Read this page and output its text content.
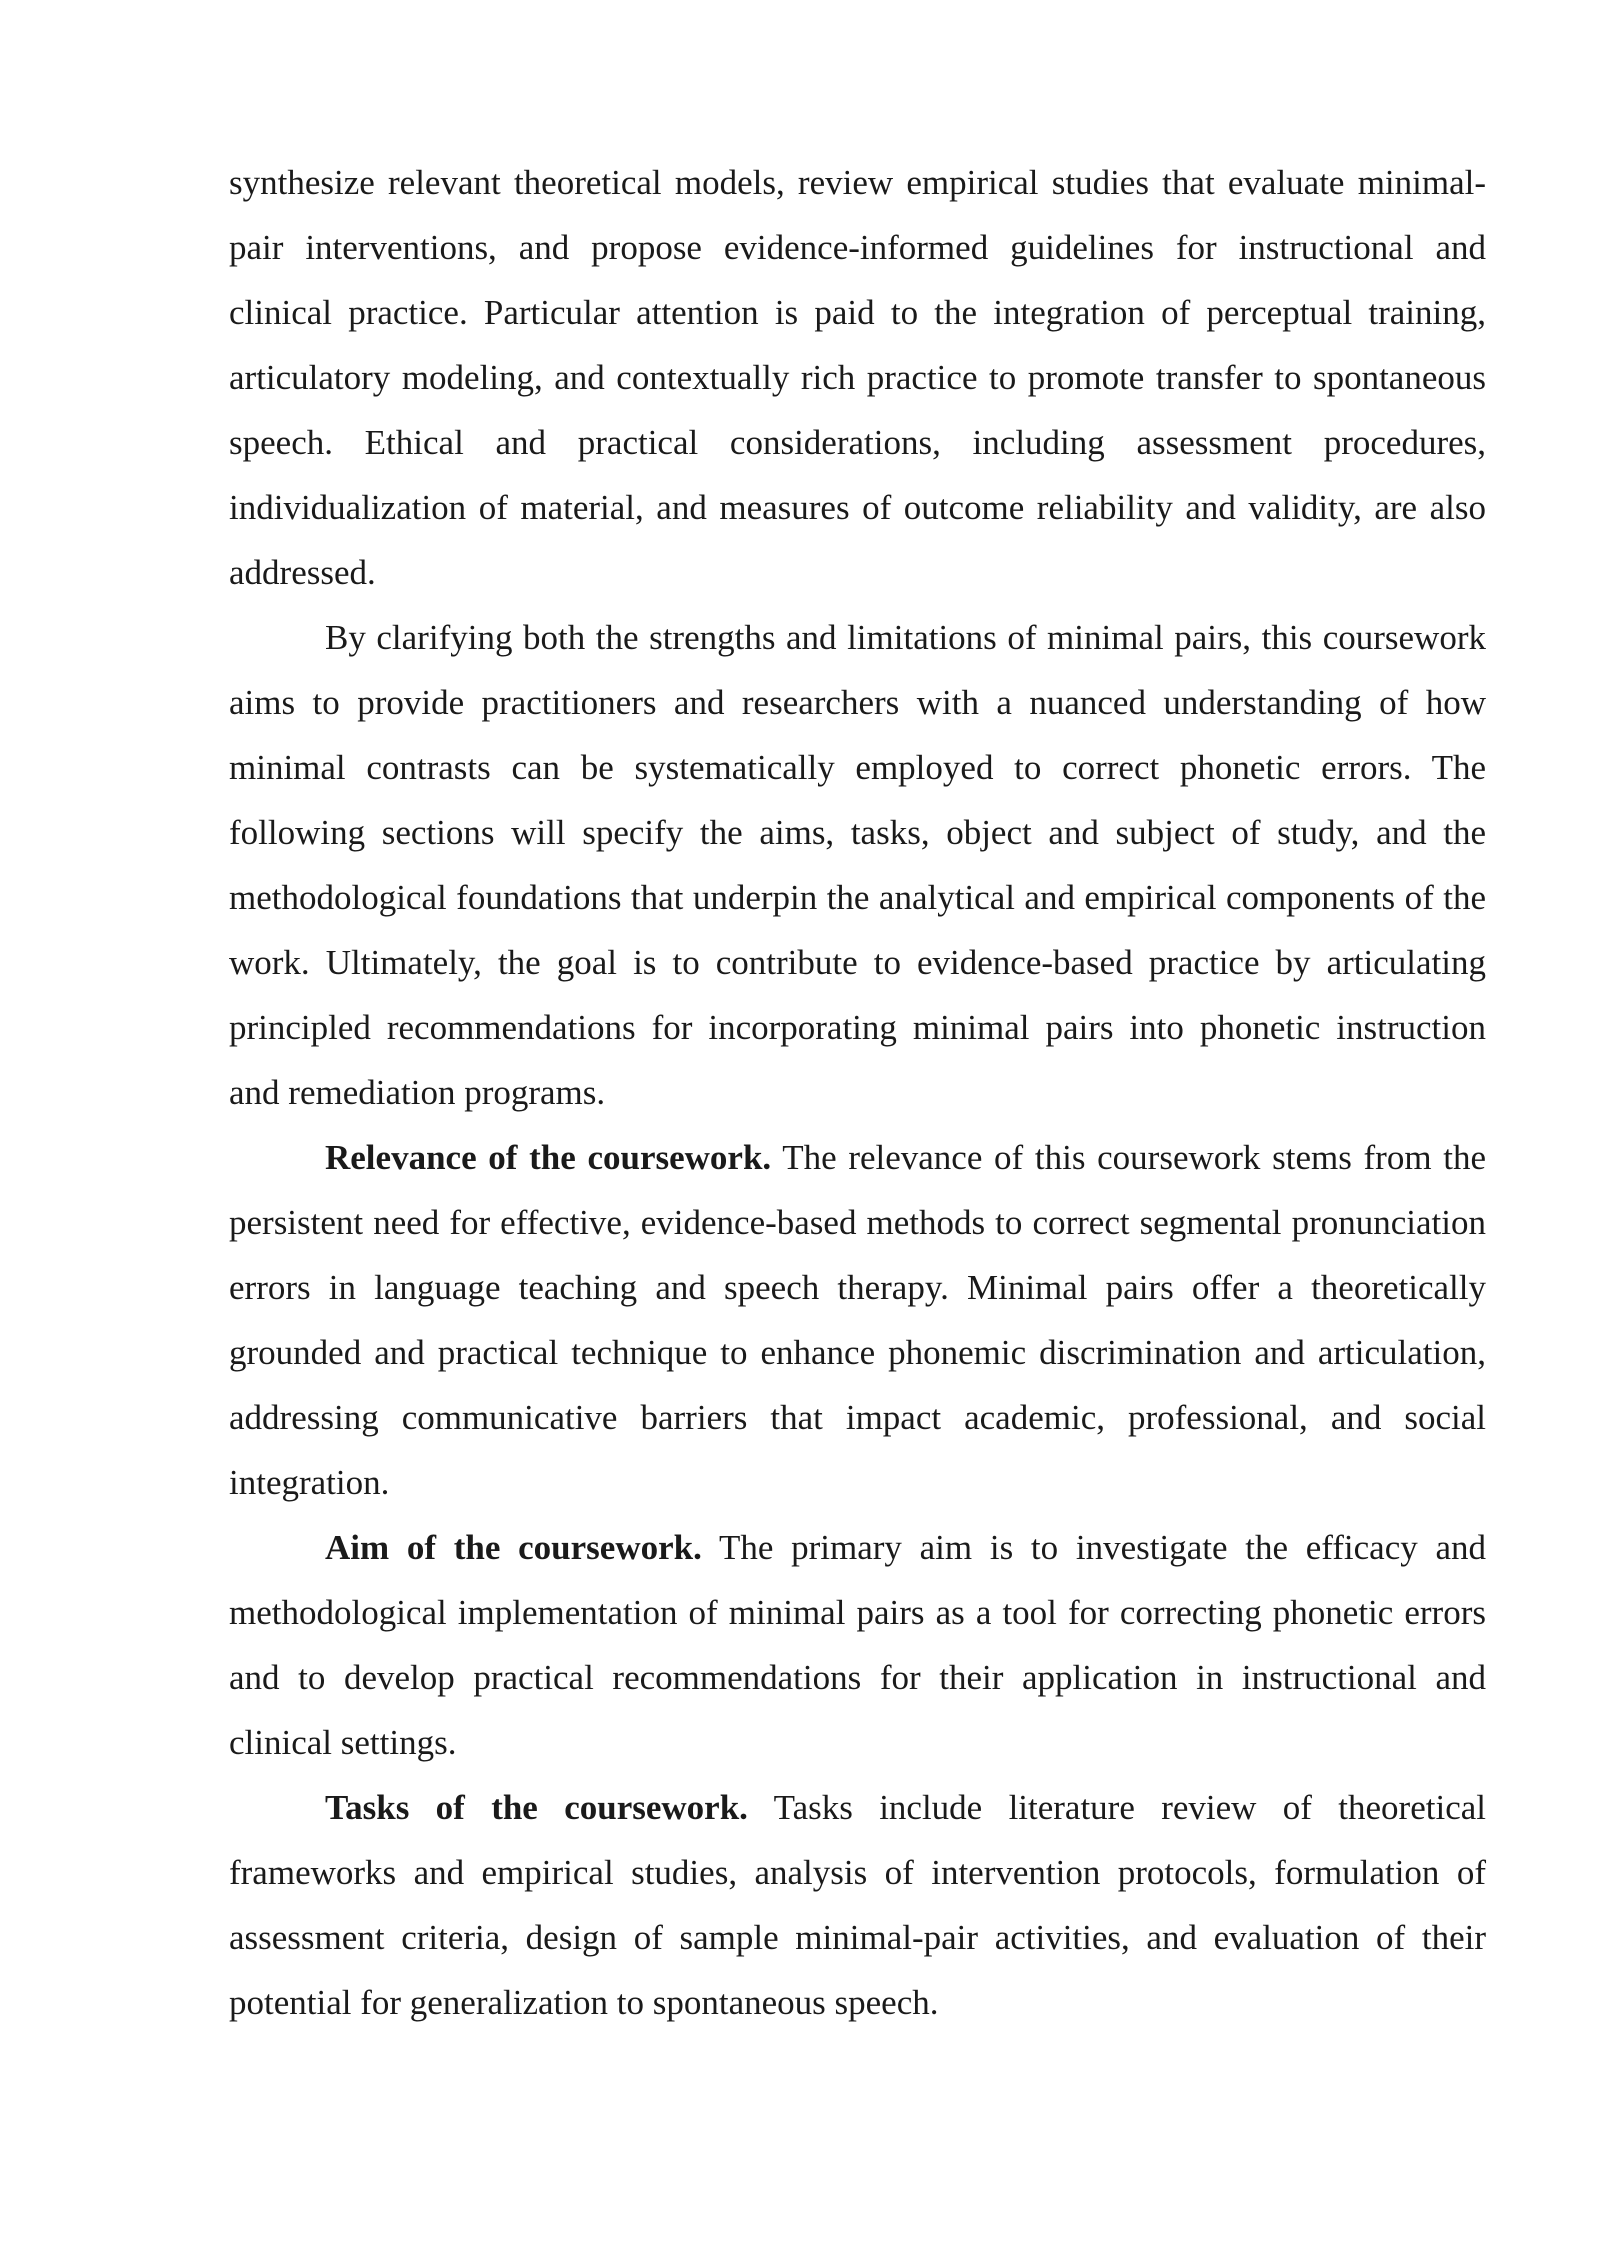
synthesize relevant theoretical models, review empirical studies that evaluate minimal-pair interventions, and propose evidence-informed guidelines for instructional and clinical practice. Particular attention is paid to the integration of perceptual training, articulatory modeling, and contextually rich practice to promote transfer to spontaneous speech. Ethical and practical considerations, including assessment procedures, individualization of material, and measures of outcome reliability and validity, are also addressed.

By clarifying both the strengths and limitations of minimal pairs, this coursework aims to provide practitioners and researchers with a nuanced understanding of how minimal contrasts can be systematically employed to correct phonetic errors. The following sections will specify the aims, tasks, object and subject of study, and the methodological foundations that underpin the analytical and empirical components of the work. Ultimately, the goal is to contribute to evidence-based practice by articulating principled recommendations for incorporating minimal pairs into phonetic instruction and remediation programs.

Relevance of the coursework. The relevance of this coursework stems from the persistent need for effective, evidence-based methods to correct segmental pronunciation errors in language teaching and speech therapy. Minimal pairs offer a theoretically grounded and practical technique to enhance phonemic discrimination and articulation, addressing communicative barriers that impact academic, professional, and social integration.

Aim of the coursework. The primary aim is to investigate the efficacy and methodological implementation of minimal pairs as a tool for correcting phonetic errors and to develop practical recommendations for their application in instructional and clinical settings.

Tasks of the coursework. Tasks include literature review of theoretical frameworks and empirical studies, analysis of intervention protocols, formulation of assessment criteria, design of sample minimal-pair activities, and evaluation of their potential for generalization to spontaneous speech.
